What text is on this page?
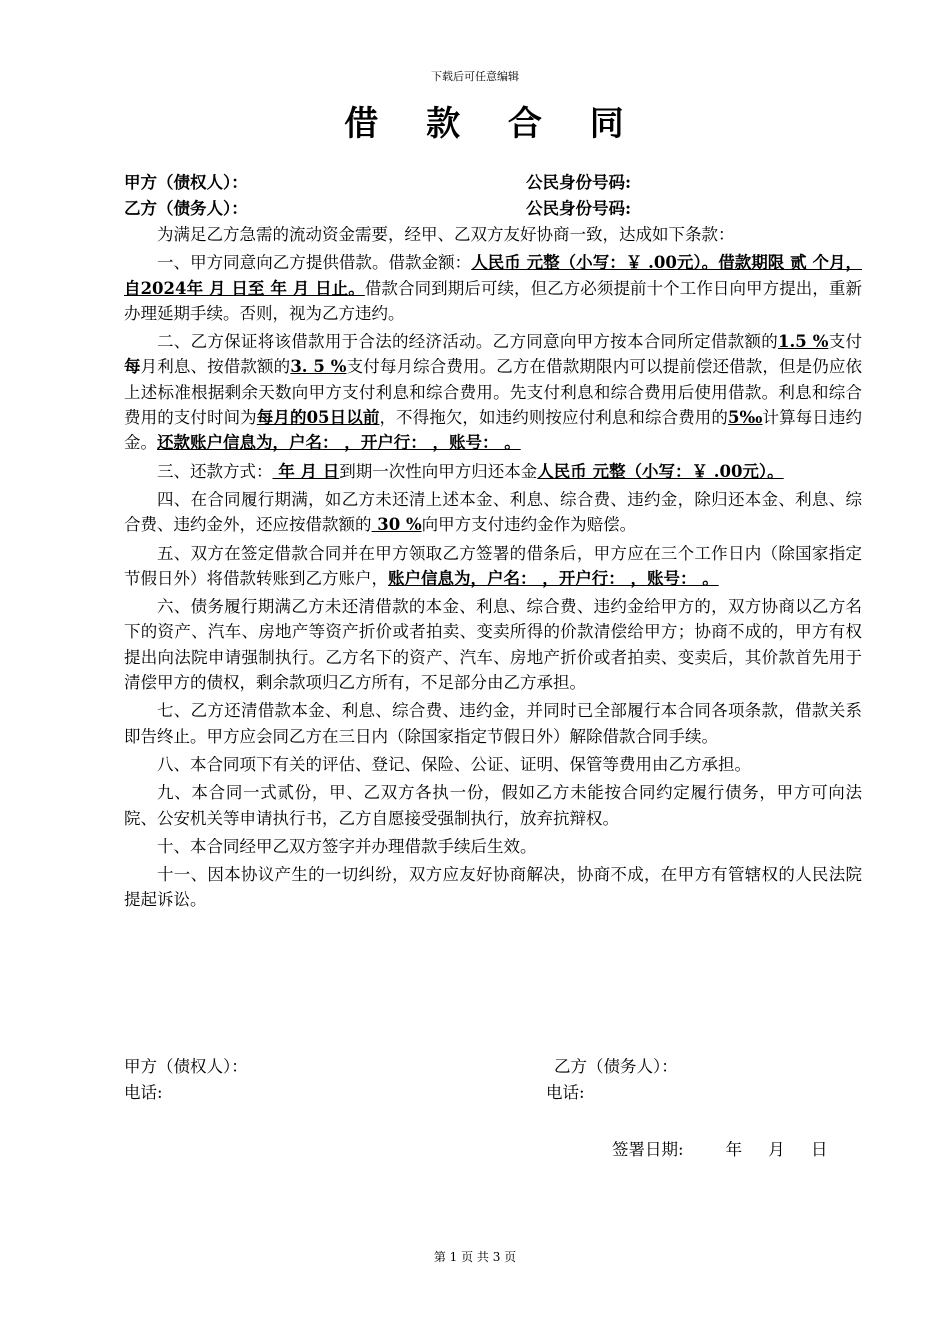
下载后可任意编辑
借 款 合 同
甲方（债权人）：	公民身份号码:
乙方（债务人）：	公民身份号码:

为满足乙方急需的流动资金需要，经甲、乙双方友好协商一致，达成如下条款：

一、甲方同意向乙方提供借款。借款金额：人民币 元整（小写：￥ .00元）。借款期限 贰 个月，自2024年 月 日至 年 月 日止。借款合同到期后可续，但乙方必须提前十个工作日向甲方提出，重新办理延期手续。否则，视为乙方违约。

二、乙方保证将该借款用于合法的经济活动。乙方同意向甲方按本合同所定借款额的1.5 %支付每月利息、按借款额的3. 5 %支付每月综合费用。乙方在借款期限内可以提前偿还借款，但是仍应依上述标准根据剩余天数向甲方支付利息和综合费用。先支付利息和综合费用后使用借款。利息和综合费用的支付时间为每月的05日以前，不得拖欠，如违约则按应付利息和综合费用的5‰计算每日违约金。还款账户信息为，户名： ，开户行： ，账号： 。

三、还款方式： 年 月 日到期一次性向甲方归还本金人民币 元整（小写：￥ .00元）。

四、在合同履行期满，如乙方未还清上述本金、利息、综合费、违约金，除归还本金、利息、综合费、违约金外，还应按借款额的 30 %向甲方支付违约金作为赔偿。

五、双方在签定借款合同并在甲方领取乙方签署的借条后，甲方应在三个工作日内（除国家指定节假日外）将借款转账到乙方账户，账户信息为，户名： ，开户行： ，账号： 。

六、债务履行期满乙方未还清借款的本金、利息、综合费、违约金给甲方的，双方协商以乙方名下的资产、汽车、房地产等资产折价或者拍卖、变卖所得的价款清偿给甲方；协商不成的，甲方有权提出向法院申请强制执行。乙方名下的资产、汽车、房地产折价或者拍卖、变卖后，其价款首先用于清偿甲方的债权，剩余款项归乙方所有，不足部分由乙方承担。

七、乙方还清借款本金、利息、综合费、违约金，并同时已全部履行本合同各项条款，借款关系即告终止。甲方应会同乙方在三日内（除国家指定节假日外）解除借款合同手续。

八、本合同项下有关的评估、登记、保险、公证、证明、保管等费用由乙方承担。

九、本合同一式贰份，甲、乙双方各执一份，假如乙方未能按合同约定履行债务，甲方可向法院、公安机关等申请执行书，乙方自愿接受强制执行，放弃抗辩权。

十、本合同经甲乙双方签字并办理借款手续后生效。

十一、因本协议产生的一切纠纷，双方应友好协商解决，协商不成，在甲方有管辖权的人民法院提起诉讼。

甲方（债权人）：	乙方（债务人）：
电话:	电话:
签署日期:	年     月     日
第 1 页 共 3 页
